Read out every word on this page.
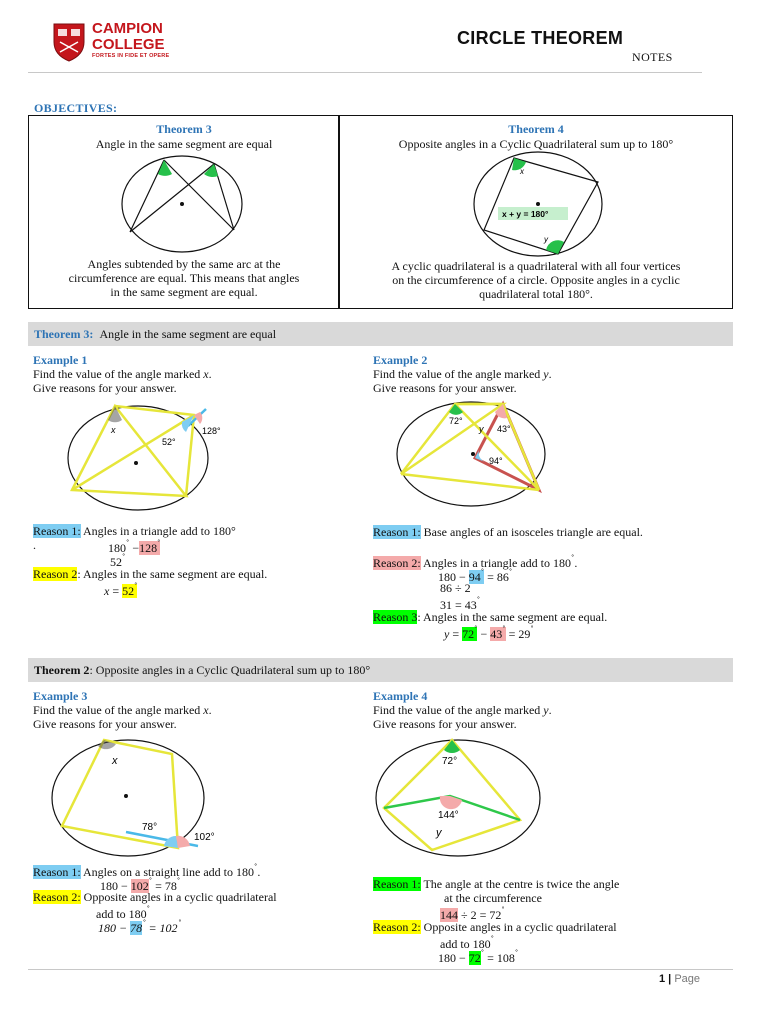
CAMPION
COLLEGE
FORTES IN FIDE ET OPERE
CIRCLE THEOREM
NOTES
OBJECTIVES:
Theorem 3
Angle in the same segment are equal
Angles subtended by the same arc at the
circumference are equal. This means that angles
in the same segment are equal.
Theorem 4
Opposite angles in a Cyclic Quadrilateral sum up to 180°
x
y
x + y = 180°
A cyclic quadrilateral is a quadrilateral with all four vertices
on the circumference of a circle. Opposite angles in a cyclic
quadrilateral total 180°.
Theorem 3: Angle in the same segment are equal
Example 1
Find the value of the angle marked x.
Give reasons for your answer.
x
52°
128°
Reason 1: Angles in a triangle add to 180°
.	180˚ −128˚
52˚
Reason 2: Angles in the same segment are equal.
x = 52˚
Example 2
Find the value of the angle marked y.
Give reasons for your answer.
72°
y 43°
94°
Reason 1: Base angles of an isosceles triangle are equal.
Reason 2: Angles in a triangle add to 180˚.
180 − 94˚ = 86˚
86 ÷ 2
31 = 43˚
Reason 3: Angles in the same segment are equal.
y = 72˚ − 43˚ = 29˚
Theorem 2: Opposite angles in a Cyclic Quadrilateral sum up to 180°
Example 3
Find the value of the angle marked x.
Give reasons for your answer.
x
78°
102°
Reason 1: Angles on a straight line add to 180˚.
180 − 102˚ = 78˚
Reason 2: Opposite angles in a cyclic quadrilateral
add to 180˚
180 − 78˚ = 102˚
Example 4
Find the value of the angle marked y.
Give reasons for your answer.
72°
144°
y
Reason 1: The angle at the centre is twice the angle
at the circumference
144 ÷ 2 = 72˚
Reason 2: Opposite angles in a cyclic quadrilateral
add to 180˚
180 − 72˚ = 108˚
1 | Page
